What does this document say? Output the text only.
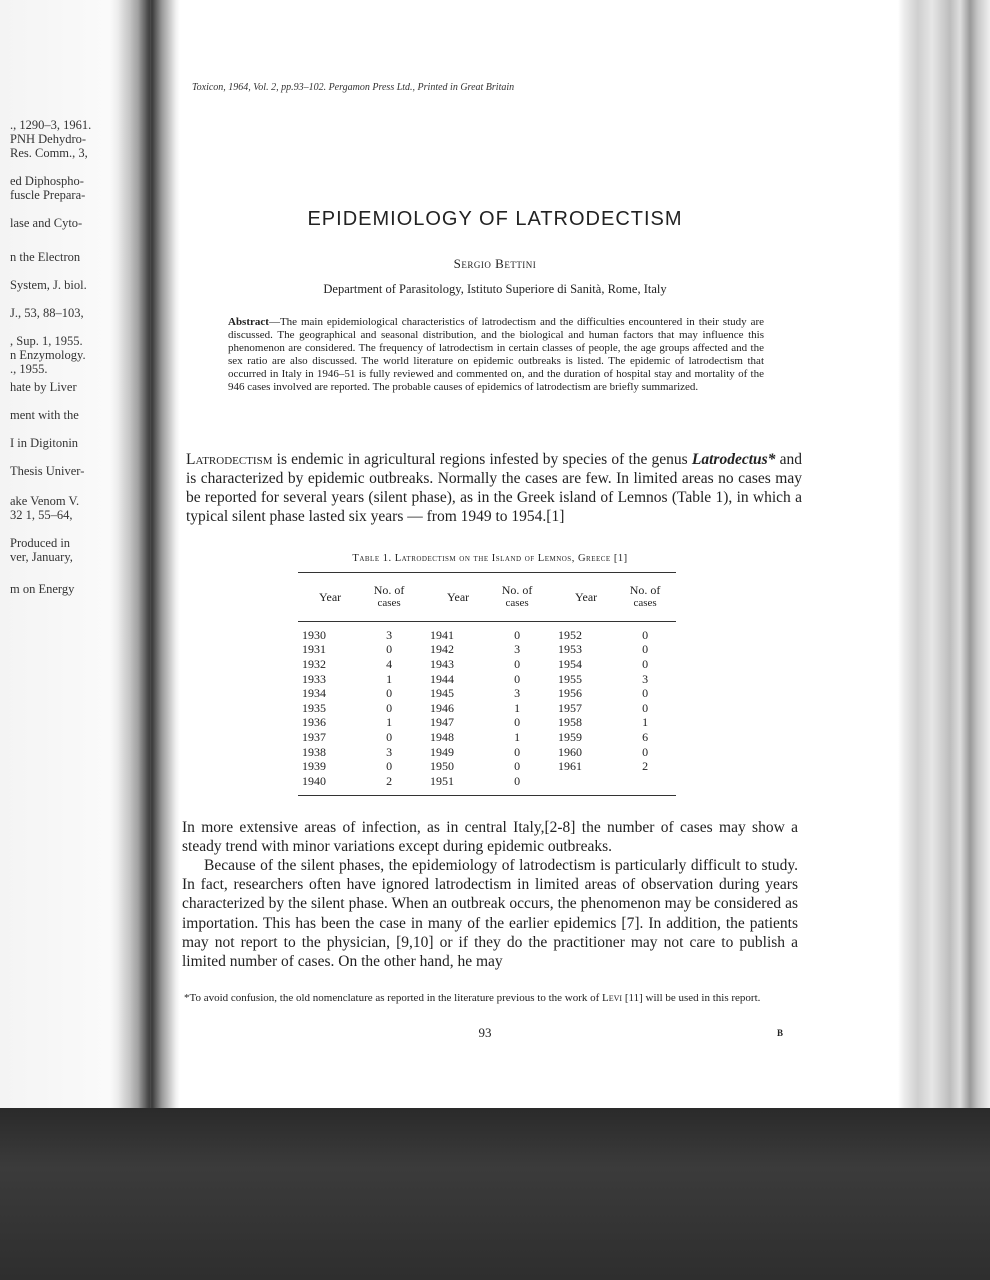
., 1290–3, 1961.
PNH Dehydro-
Res. Comm., 3,
ed Diphospho-
fuscle Prepara-
lase and Cyto-
n the Electron
System, J. biol.
J., 53, 88–103,
, Sup. 1, 1955.
n Enzymology.
., 1955.
hate by Liver
ment with the
I in Digitonin
Thesis Univer-
ake Venom V.
32 1, 55–64,
Produced in
ver, January,
m on Energy
Toxicon, 1964, Vol. 2, pp.93–102. Pergamon Press Ltd., Printed in Great Britain
EPIDEMIOLOGY OF LATRODECTISM
Sergio Bettini
Department of Parasitology, Istituto Superiore di Sanità, Rome, Italy
Abstract—The main epidemiological characteristics of latrodectism and the difficulties encountered in their study are discussed. The geographical and seasonal distribution, and the biological and human factors that may influence this phenomenon are considered. The frequency of latrodectism in certain classes of people, the age groups affected and the sex ratio are also discussed. The world literature on epidemic outbreaks is listed. The epidemic of latrodectism that occurred in Italy in 1946–51 is fully reviewed and commented on, and the duration of hospital stay and mortality of the 946 cases involved are reported. The probable causes of epidemics of latrodectism are briefly summarized.
Latrodectism is endemic in agricultural regions infested by species of the genus Latrodectus* and is characterized by epidemic outbreaks. Normally the cases are few. In limited areas no cases may be reported for several years (silent phase), as in the Greek island of Lemnos (Table 1), in which a typical silent phase lasted six years — from 1949 to 1954.[1]
Table 1. Latrodectism on the Island of Lemnos, Greece [1]
Year	No. of
cases	Year	No. of
cases	Year	No. of
cases
1930	3	1941	0	1952	0
1931	0	1942	3	1953	0
1932	4	1943	0	1954	0
1933	1	1944	0	1955	3
1934	0	1945	3	1956	0
1935	0	1946	1	1957	0
1936	1	1947	0	1958	1
1937	0	1948	1	1959	6
1938	3	1949	0	1960	0
1939	0	1950	0	1961	2
1940	2	1951	0
In more extensive areas of infection, as in central Italy,[2-8] the number of cases may show a steady trend with minor variations except during epidemic outbreaks.
Because of the silent phases, the epidemiology of latrodectism is particularly difficult to study. In fact, researchers often have ignored latrodectism in limited areas of observation during years characterized by the silent phase. When an outbreak occurs, the phenomenon may be considered as importation. This has been the case in many of the earlier epidemics [7]. In addition, the patients may not report to the physician, [9,10] or if they do the practitioner may not care to publish a limited number of cases. On the other hand, he may
*To avoid confusion, the old nomenclature as reported in the literature previous to the work of Levi [11] will be used in this report.
93	B
